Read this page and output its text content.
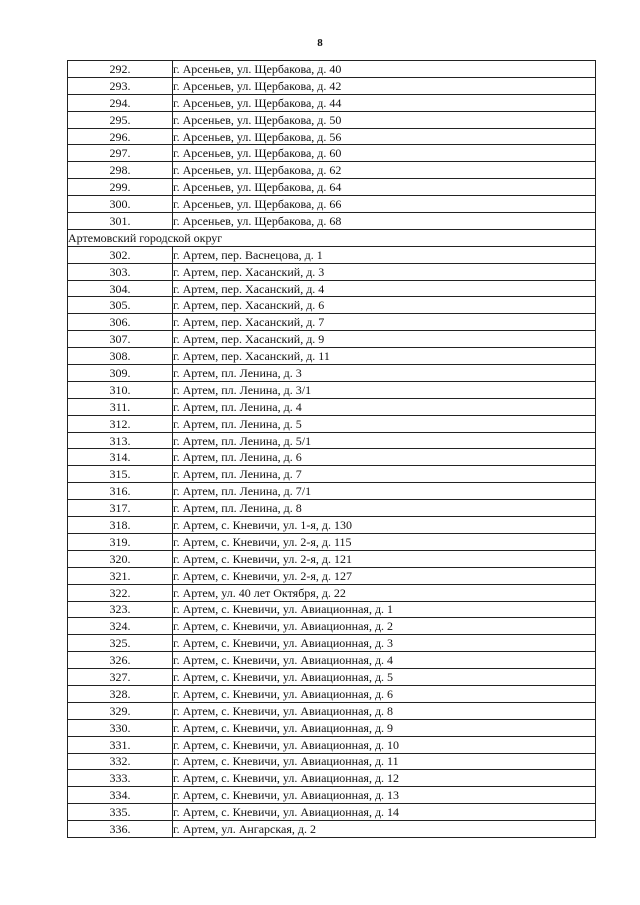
8
292.	г. Арсеньев, ул. Щербакова, д. 40
293.	г. Арсеньев, ул. Щербакова, д. 42
294.	г. Арсеньев, ул. Щербакова, д. 44
295.	г. Арсеньев, ул. Щербакова, д. 50
296.	г. Арсеньев, ул. Щербакова, д. 56
297.	г. Арсеньев, ул. Щербакова, д. 60
298.	г. Арсеньев, ул. Щербакова, д. 62
299.	г. Арсеньев, ул. Щербакова, д. 64
300.	г. Арсеньев, ул. Щербакова, д. 66
301.	г. Арсеньев, ул. Щербакова, д. 68
Артемовский городской округ	
302.	г. Артем, пер. Васнецова, д. 1
303.	г. Артем, пер. Хасанский, д. 3
304.	г. Артем, пер. Хасанский, д. 4
305.	г. Артем, пер. Хасанский, д. 6
306.	г. Артем, пер. Хасанский, д. 7
307.	г. Артем, пер. Хасанский, д. 9
308.	г. Артем, пер. Хасанский, д. 11
309.	г. Артем, пл. Ленина, д. 3
310.	г. Артем, пл. Ленина, д. 3/1
311.	г. Артем, пл. Ленина, д. 4
312.	г. Артем, пл. Ленина, д. 5
313.	г. Артем, пл. Ленина, д. 5/1
314.	г. Артем, пл. Ленина, д. 6
315.	г. Артем, пл. Ленина, д. 7
316.	г. Артем, пл. Ленина, д. 7/1
317.	г. Артем, пл. Ленина, д. 8
318.	г. Артем, с. Кневичи, ул. 1-я, д. 130
319.	г. Артем, с. Кневичи, ул. 2-я, д. 115
320.	г. Артем, с. Кневичи, ул. 2-я, д. 121
321.	г. Артем, с. Кневичи, ул. 2-я, д. 127
322.	г. Артем, ул. 40 лет Октября, д. 22
323.	г. Артем, с. Кневичи, ул. Авиационная, д. 1
324.	г. Артем, с. Кневичи, ул. Авиационная, д. 2
325.	г. Артем, с. Кневичи, ул. Авиационная, д. 3
326.	г. Артем, с. Кневичи, ул. Авиационная, д. 4
327.	г. Артем, с. Кневичи, ул. Авиационная, д. 5
328.	г. Артем, с. Кневичи, ул. Авиационная, д. 6
329.	г. Артем, с. Кневичи, ул. Авиационная, д. 8
330.	г. Артем, с. Кневичи, ул. Авиационная, д. 9
331.	г. Артем, с. Кневичи, ул. Авиационная, д. 10
332.	г. Артем, с. Кневичи, ул. Авиационная, д. 11
333.	г. Артем, с. Кневичи, ул. Авиационная, д. 12
334.	г. Артем, с. Кневичи, ул. Авиационная, д. 13
335.	г. Артем, с. Кневичи, ул. Авиационная, д. 14
336.	г. Артем, ул. Ангарская, д. 2
